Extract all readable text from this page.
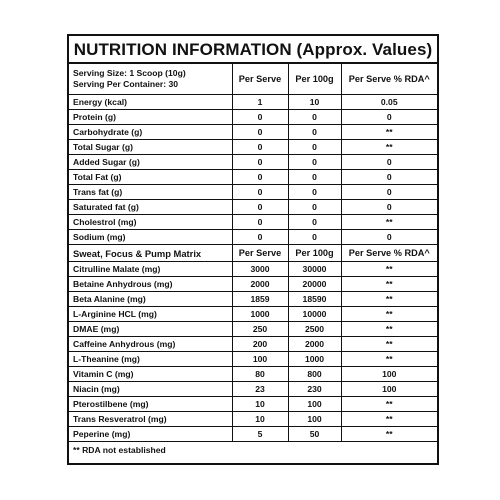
NUTRITION INFORMATION (Approx. Values)
Serving Size: 1 Scoop (10g)
Serving Per Container: 30	Per Serve	Per 100g	Per Serve % RDA^
Energy (kcal)	1	10	0.05
Protein (g)	0	0	0
Carbohydrate (g)	0	0	**
Total Sugar (g)	0	0	**
Added Sugar (g)	0	0	0
Total Fat (g)	0	0	0
Trans fat (g)	0	0	0
Saturated fat (g)	0	0	0
Cholestrol (mg)	0	0	**
Sodium (mg)	0	0	0
Sweat, Focus & Pump Matrix	Per Serve	Per 100g	Per Serve % RDA^
Citrulline Malate (mg)	3000	30000	**
Betaine Anhydrous (mg)	2000	20000	**
Beta Alanine (mg)	1859	18590	**
L-Arginine HCL (mg)	1000	10000	**
DMAE (mg)	250	2500	**
Caffeine Anhydrous (mg)	200	2000	**
L-Theanine (mg)	100	1000	**
Vitamin C (mg)	80	800	100
Niacin (mg)	23	230	100
Pterostilbene (mg)	10	100	**
Trans Resveratrol (mg)	10	100	**
Peperine (mg)	5	50	**
** RDA not established			
